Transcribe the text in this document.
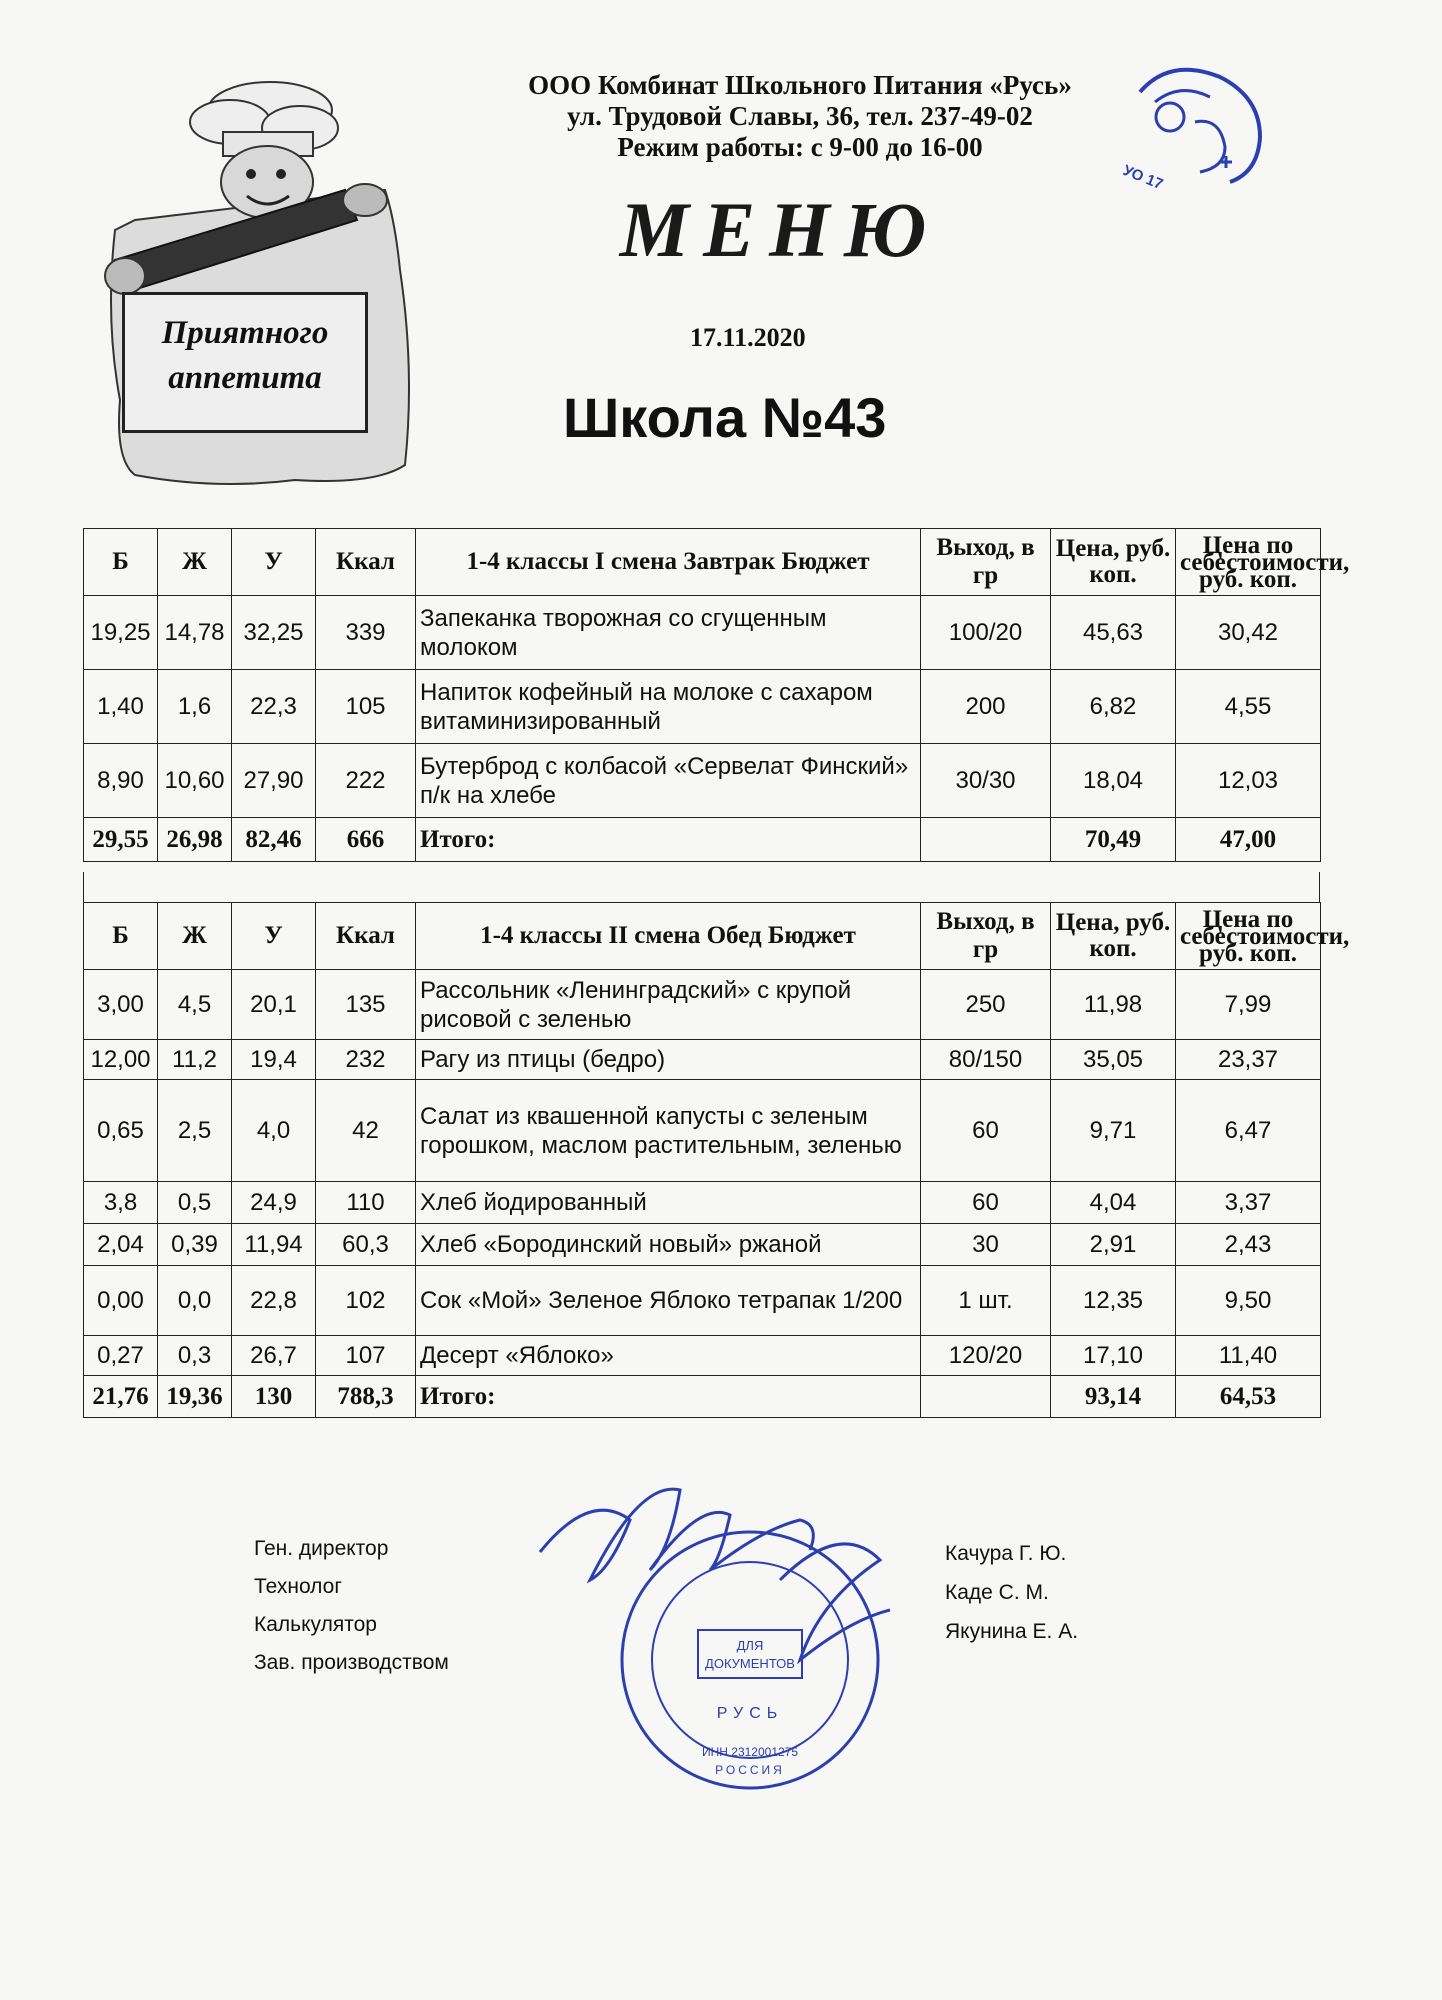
ООО Комбинат Школьного Питания «Русь»
ул. Трудовой Славы, 36, тел. 237-49-02
Режим работы: с 9-00 до 16-00
МЕНЮ
17.11.2020
Школа №43
Приятного
аппетита
УО 17
Б	Ж	У	Ккал	1-4 классы I смена Завтрак Бюджет	Выход, в гр	Цена, руб. коп.	Цена по себестоимости, руб. коп.
19,25	14,78	32,25	339	Запеканка творожная со сгущенным молоком	100/20	45,63	30,42
1,40	1,6	22,3	105	Напиток кофейный на молоке с сахаром витаминизированный	200	6,82	4,55
8,90	10,60	27,90	222	Бутерброд с колбасой «Сервелат Финский» п/к на хлебе	30/30	18,04	12,03
29,55	26,98	82,46	666	Итого:		70,49	47,00
Б	Ж	У	Ккал	1-4 классы II смена Обед Бюджет	Выход, в гр	Цена, руб. коп.	Цена по себестоимости, руб. коп.
3,00	4,5	20,1	135	Рассольник «Ленинградский» с крупой рисовой с зеленью	250	11,98	7,99
12,00	11,2	19,4	232	Рагу из птицы (бедро)	80/150	35,05	23,37
0,65	2,5	4,0	42	Салат из квашенной капусты с зеленым горошком, маслом растительным, зеленью	60	9,71	6,47
3,8	0,5	24,9	110	Хлеб йодированный	60	4,04	3,37
2,04	0,39	11,94	60,3	Хлеб «Бородинский новый» ржаной	30	2,91	2,43
0,00	0,0	22,8	102	Сок «Мой» Зеленое Яблоко тетрапак 1/200	1 шт.	12,35	9,50
0,27	0,3	26,7	107	Десерт «Яблоко»	120/20	17,10	11,40
21,76	19,36	130	788,3	Итого:		93,14	64,53
Ген. директор
Технолог
Калькулятор
Зав. производством
Качура Г. Ю.
Каде С. М.
Якунина Е. А.
ДЛЯ
ДОКУМЕНТОВ
РУСЬ
ИНН 2312001275
РОССИЯ
